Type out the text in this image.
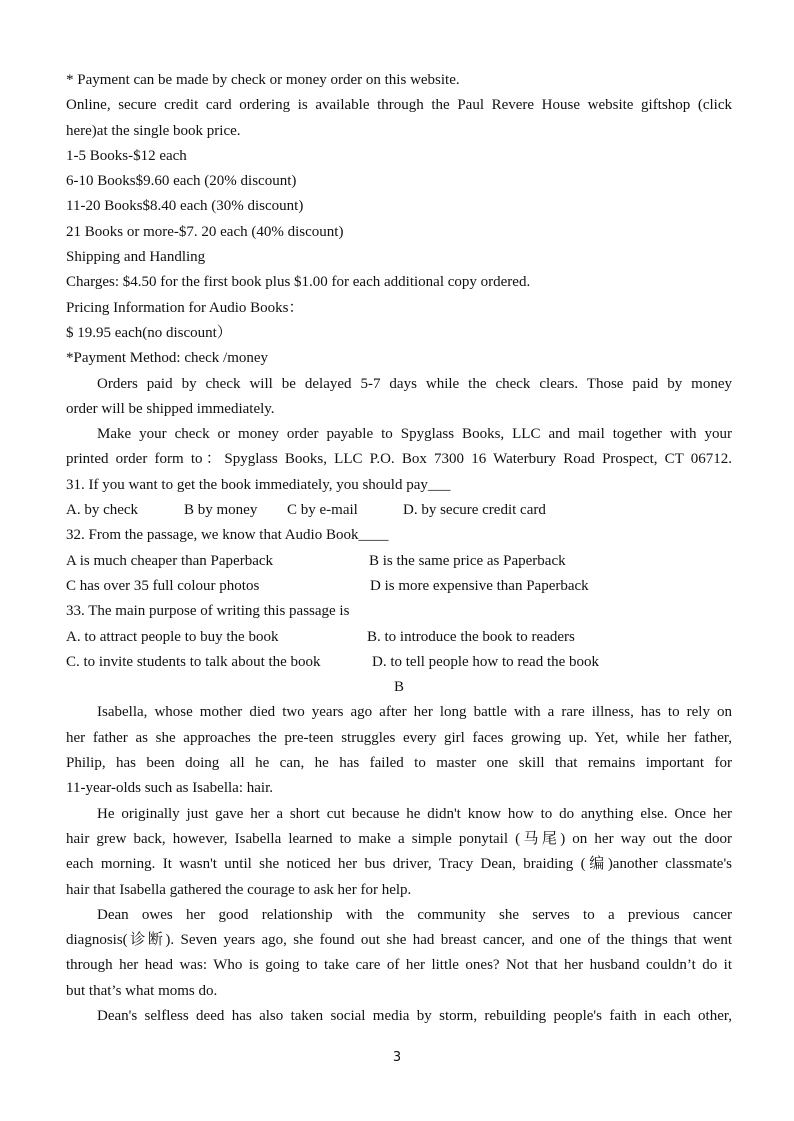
* Payment can be made by check or money order on this website.
Online, secure credit card ordering is available through the Paul Revere House website giftshop (click
here)at the single book price.
1-5 Books-$12 each
6-10 Books$9.60 each (20% discount)
11-20 Books$8.40 each (30% discount)
21 Books or more-$7. 20 each (40% discount)
Shipping and Handling
Charges: $4.50 for the first book plus $1.00 for each additional copy ordered.
Pricing Information for Audio Books：
$ 19.95 each(no discount）
*Payment Method: check /money
Orders paid by check will be delayed 5-7 days while the check clears. Those paid by money
order will be shipped immediately.
Make your check or money order payable to Spyglass Books, LLC and mail together with your
printed order form to：Spyglass Books, LLC P.O. Box 7300 16 Waterbury Road Prospect, CT 06712.
31. If you want to get the book immediately, you should pay___
A. by check	B by money	C by e-mail	D. by secure credit card
32. From the passage, we know that Audio Book____
A is much cheaper than Paperback	B is the same price as Paperback
C has over 35 full colour photos	D is more expensive than Paperback
33. The main purpose of writing this passage is
A. to attract people to buy the book	B. to introduce the book to readers
C. to invite students to talk about the book	D. to tell people how to read the book
B
Isabella, whose mother died two years ago after her long battle with a rare illness, has to rely on
her father as she approaches the pre-teen struggles every girl faces growing up. Yet, while her father,
Philip, has been doing all he can, he has failed to master one skill that remains important for
11-year-olds such as Isabella: hair.
He originally just gave her a short cut because he didn't know how to do anything else. Once her
hair grew back, however, Isabella learned to make a simple ponytail (马尾) on her way out the door
each morning. It wasn't until she noticed her bus driver, Tracy Dean, braiding (编)another classmate's
hair that Isabella gathered the courage to ask her for help.
Dean owes her good relationship with the community she serves to a previous cancer
diagnosis(诊断). Seven years ago, she found out she had breast cancer, and one of the things that went
through her head was: Who is going to take care of her little ones? Not that her husband couldn’t do it
but that’s what moms do.
Dean's selfless deed has also taken social media by storm, rebuilding people's faith in each other,
3
